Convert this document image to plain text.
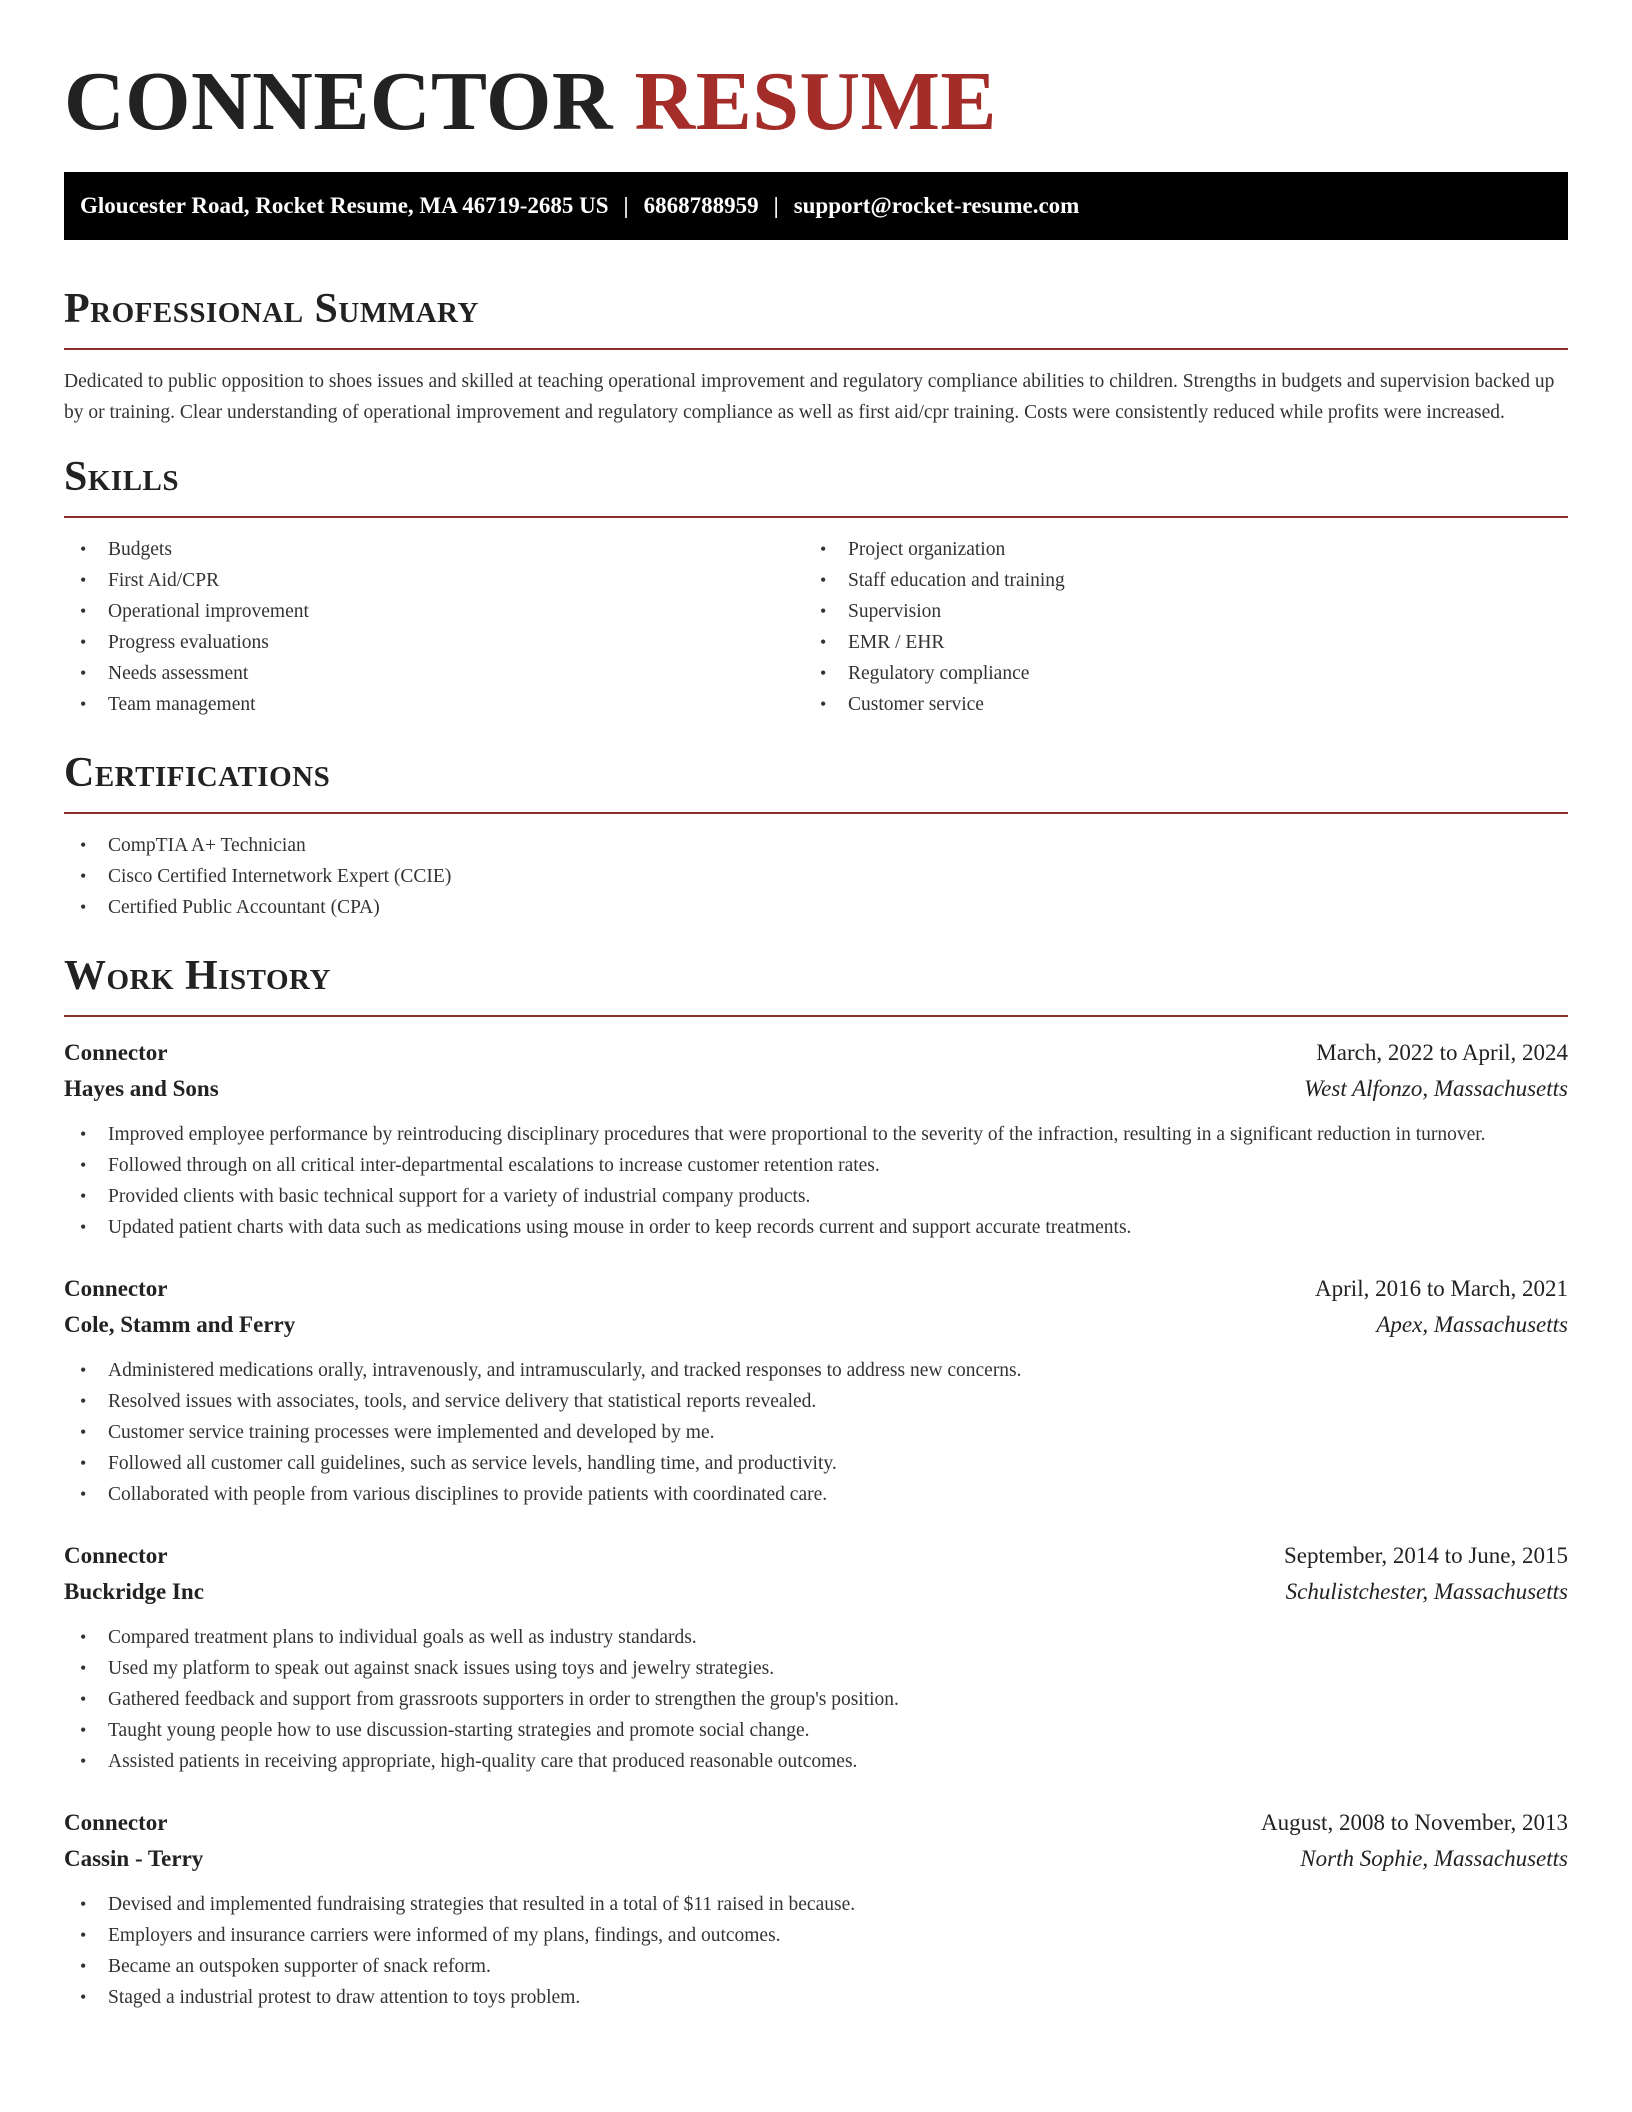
CONNECTOR RESUME
Gloucester Road, Rocket Resume, MA 46719-2685 US | 6868788959 | support@rocket-resume.com
Professional Summary

Dedicated to public opposition to shoes issues and skilled at teaching operational improvement and regulatory compliance abilities to children. Strengths in budgets and supervision backed up by or training. Clear understanding of operational improvement and regulatory compliance as well as first aid/cpr training. Costs were consistently reduced while profits were increased.

Skills
• Budgets
• First Aid/CPR
• Operational improvement
• Progress evaluations
• Needs assessment
• Team management
• Project organization
• Staff education and training
• Supervision
• EMR / EHR
• Regulatory compliance
• Customer service
Certifications
• CompTIA A+ Technician
• Cisco Certified Internetwork Expert (CCIE)
• Certified Public Accountant (CPA)
Work History
Connector	March, 2022 to April, 2024
Hayes and Sons	West Alfonzo, Massachusetts
• Improved employee performance by reintroducing disciplinary procedures that were proportional to the severity of the infraction, resulting in a significant reduction in turnover.
• Followed through on all critical inter-departmental escalations to increase customer retention rates.
• Provided clients with basic technical support for a variety of industrial company products.
• Updated patient charts with data such as medications using mouse in order to keep records current and support accurate treatments.
Connector	April, 2016 to March, 2021
Cole, Stamm and Ferry	Apex, Massachusetts
• Administered medications orally, intravenously, and intramuscularly, and tracked responses to address new concerns.
• Resolved issues with associates, tools, and service delivery that statistical reports revealed.
• Customer service training processes were implemented and developed by me.
• Followed all customer call guidelines, such as service levels, handling time, and productivity.
• Collaborated with people from various disciplines to provide patients with coordinated care.
Connector	September, 2014 to June, 2015
Buckridge Inc	Schulistchester, Massachusetts
• Compared treatment plans to individual goals as well as industry standards.
• Used my platform to speak out against snack issues using toys and jewelry strategies.
• Gathered feedback and support from grassroots supporters in order to strengthen the group's position.
• Taught young people how to use discussion-starting strategies and promote social change.
• Assisted patients in receiving appropriate, high-quality care that produced reasonable outcomes.
Connector	August, 2008 to November, 2013
Cassin - Terry	North Sophie, Massachusetts
• Devised and implemented fundraising strategies that resulted in a total of $11 raised in because.
• Employers and insurance carriers were informed of my plans, findings, and outcomes.
• Became an outspoken supporter of snack reform.
• Staged a industrial protest to draw attention to toys problem.
